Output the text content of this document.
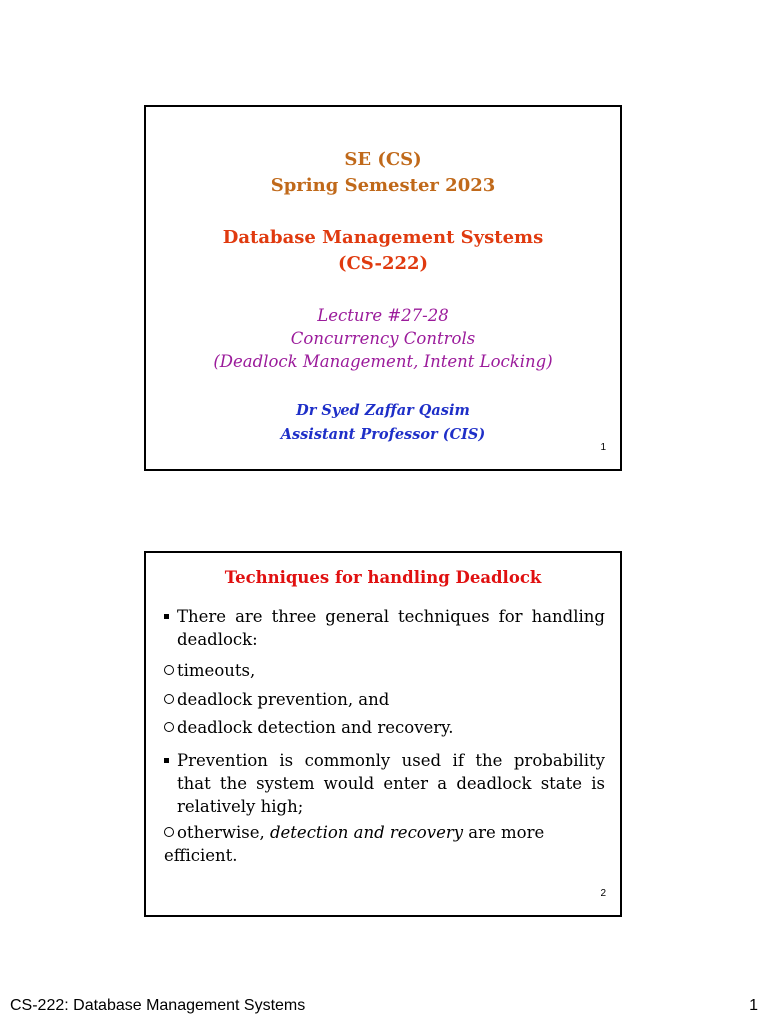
SE (CS)
Spring Semester 2023
Database Management Systems
(CS-222)
Lecture #27-28
Concurrency Controls
(Deadlock Management, Intent Locking)
Dr Syed Zaffar Qasim
Assistant Professor (CIS)
1
Techniques for handling Deadlock
There are three general techniques for handling deadlock:
timeouts,
deadlock prevention, and
deadlock detection and recovery.
Prevention is commonly used if the probability that the system would enter a deadlock state is relatively high;
otherwise, detection and recovery are more efficient.
2
CS-222: Database Management Systems	1
